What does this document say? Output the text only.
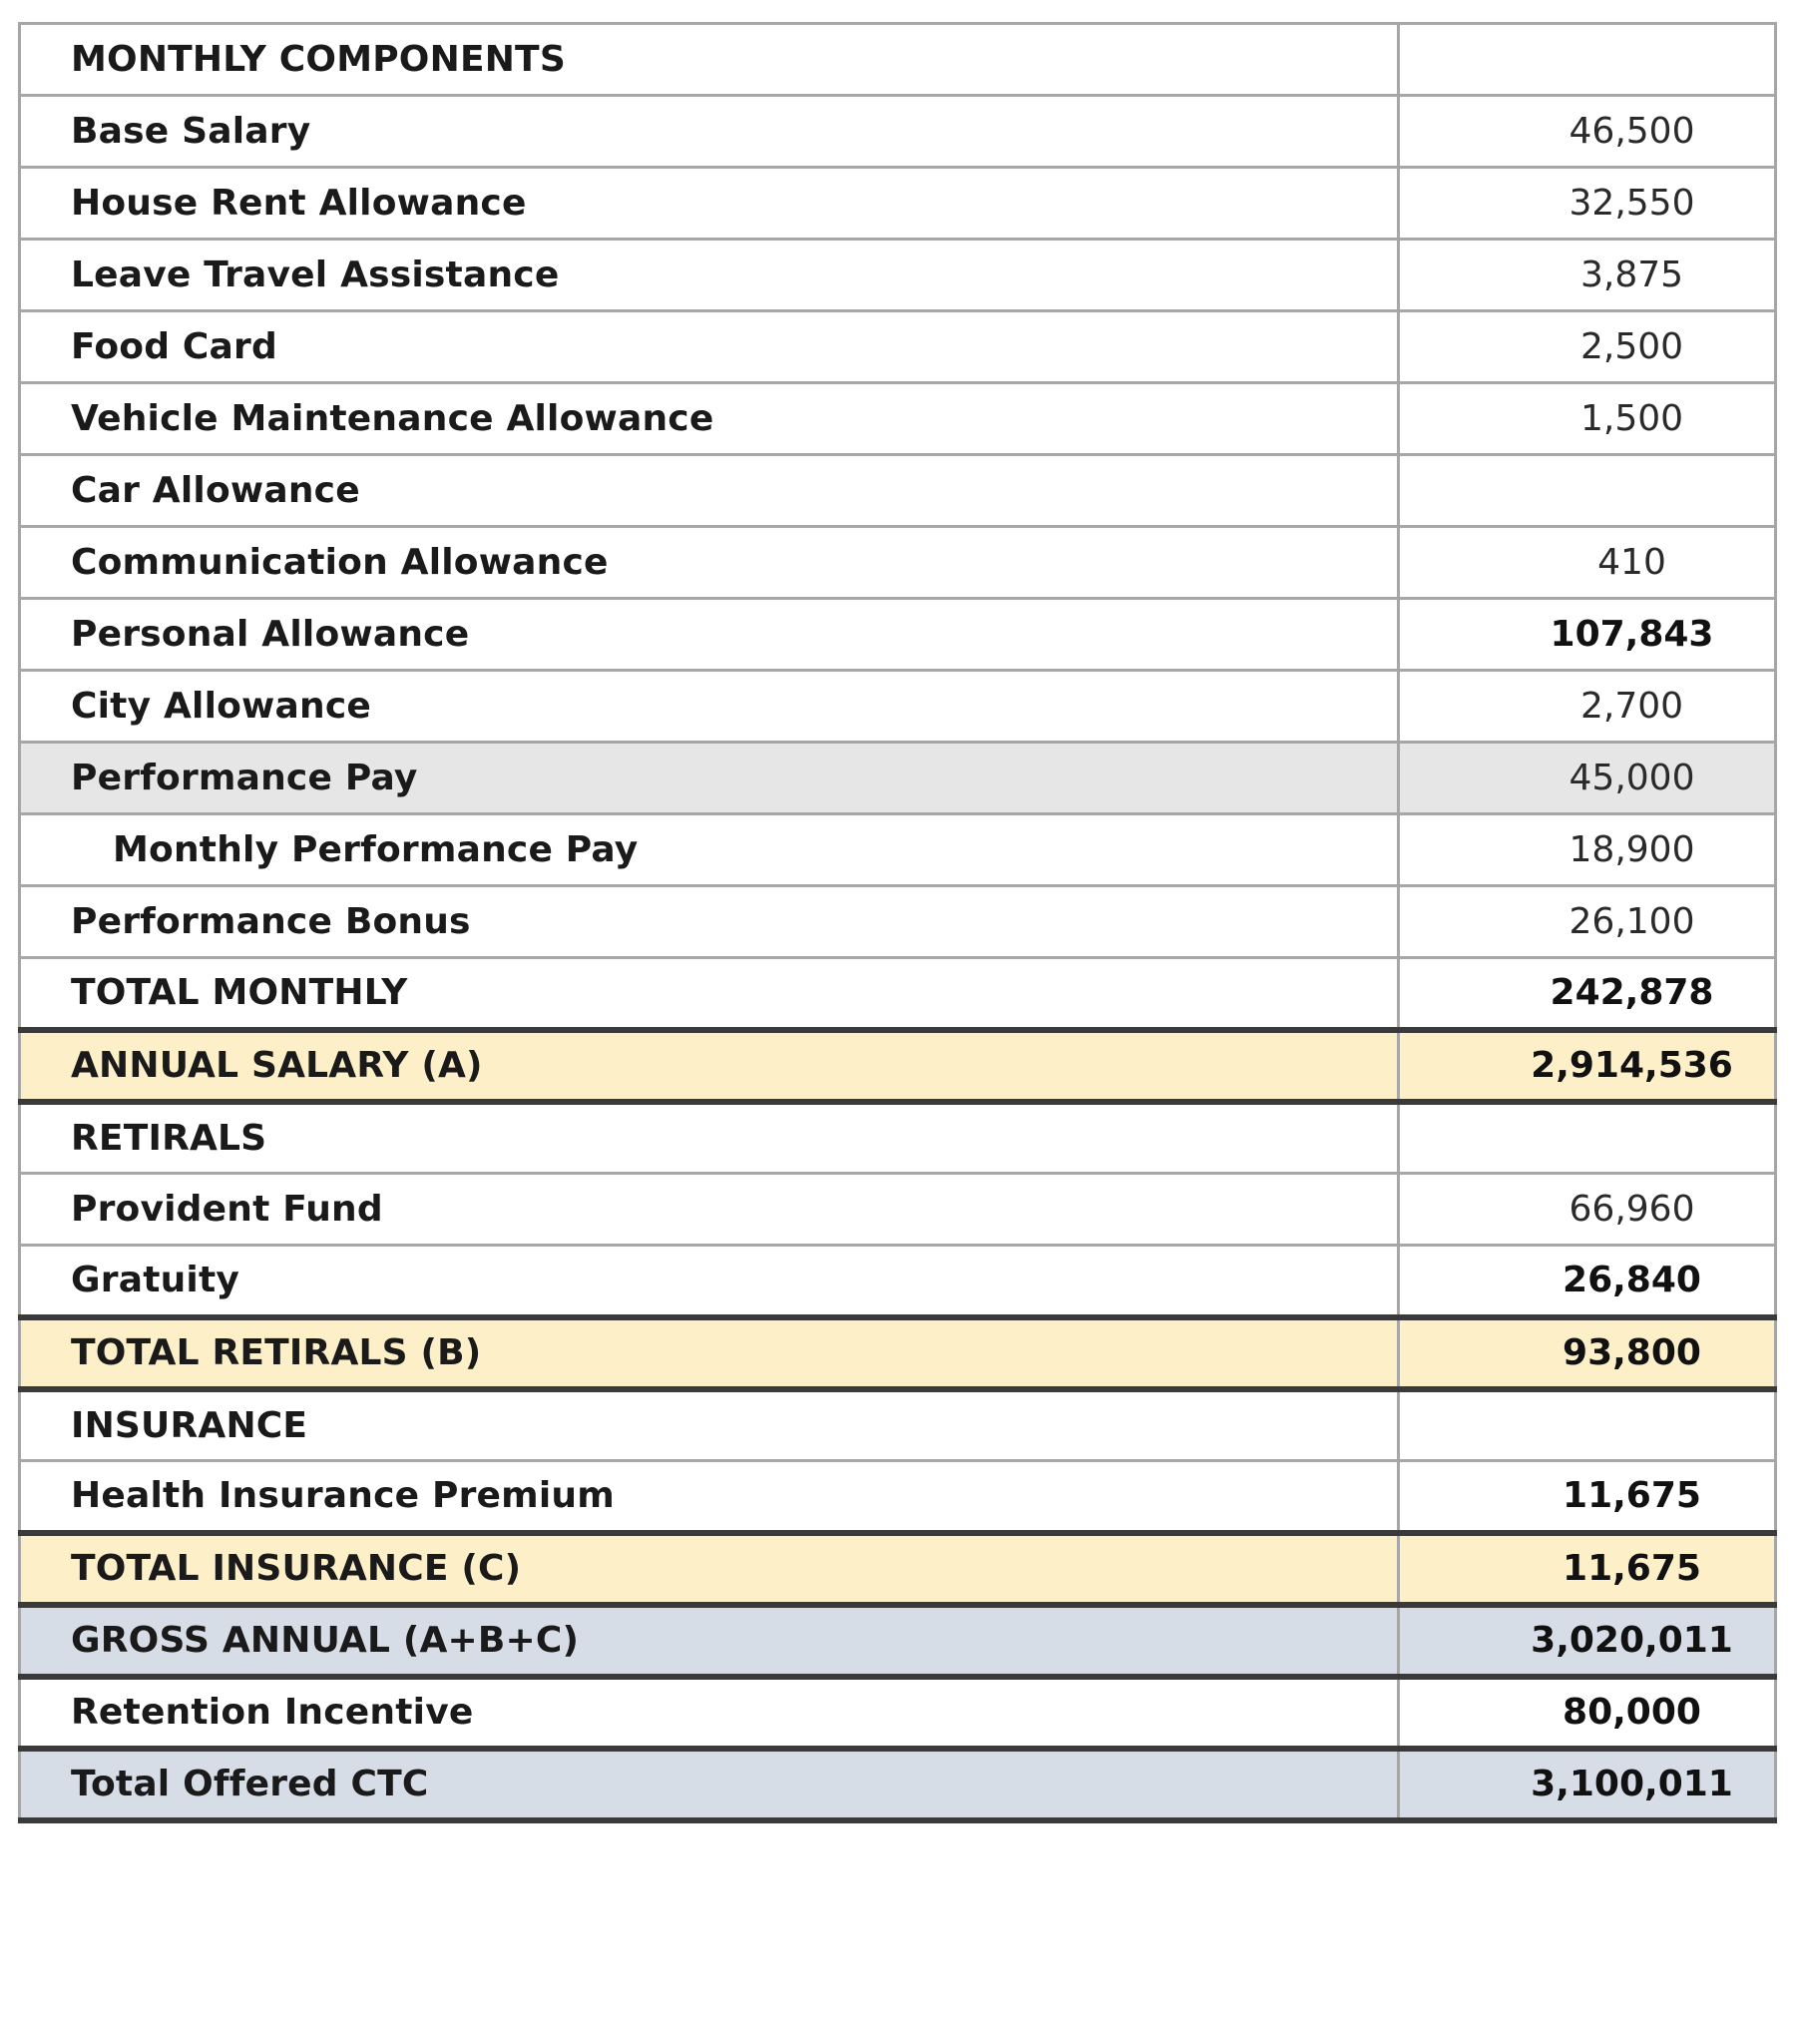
MONTHLY COMPONENTS	
Base Salary	46,500
House Rent Allowance	32,550
Leave Travel Assistance	3,875
Food Card	2,500
Vehicle Maintenance Allowance	1,500
Car Allowance	
Communication Allowance	410
Personal Allowance	107,843
City Allowance	2,700
Performance Pay	45,000
Monthly Performance Pay	18,900
Performance Bonus	26,100
TOTAL MONTHLY	242,878
ANNUAL SALARY (A)	2,914,536
RETIRALS	
Provident Fund	66,960
Gratuity	26,840
TOTAL RETIRALS (B)	93,800
INSURANCE	
Health Insurance Premium	11,675
TOTAL INSURANCE (C)	11,675
GROSS ANNUAL (A+B+C)	3,020,011
Retention Incentive	80,000
Total Offered CTC	3,100,011
